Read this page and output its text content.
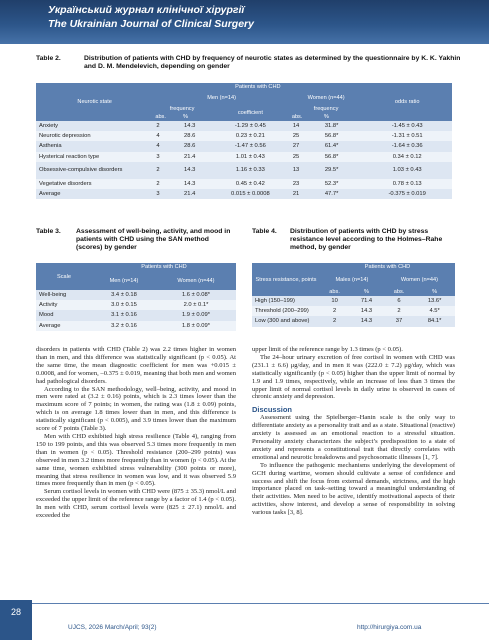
Український журнал клінічної хірургії
The Ukrainian Journal of Clinical Surgery
Table 2.	Distribution of patients with CHD by frequency of neurotic states as determined by the questionnaire by K. K. Yakhin and D. M. Mendelevich, depending on gender
Neurotic state	Patients with CHD					odds ratio
	Men (n=14)			Women (n=44)		
	frequency		coefficient	frequency		
	abs.	%		abs.	%	
Anxiety	2	14.3	-1.29 ± 0.45	14	31.8*	-1.45 ± 0.43
Neurotic depression	4	28.6	0.23 ± 0.21	25	56.8*	-1.31 ± 0.51
Asthenia	4	28.6	-1.47 ± 0.56	27	61.4*	-1.64 ± 0.36
Hysterical reaction type	3	21.4	1.01 ± 0.43	25	56.8*	0.34 ± 0.12
Obsessive-compulsive disorders	2	14.3	1.16 ± 0.33	13	29.5*	1.03 ± 0.43
Vegetative disorders	2	14.3	0.45 ± 0.42	23	52.3*	0.78 ± 0.13
Average	3	21.4	0.015 ± 0.0008	21	47.7*	-0.375 ± 0.019
Table 3. Assessment of well-being, activity, and mood in patients with CHD using the SAN method (scores) by gender
Scale	Patients with CHD	
	Men (n=14)	Women (n=44)
Well-being	3.4 ± 0.18	1.6 ± 0.08*
Activity	3.0 ± 0.15	2.0 ± 0.1*
Mood	3.1 ± 0.16	1.9 ± 0.09*
Average	3.2 ± 0.16	1.8 ± 0.09*
Table 4. Distribution of patients with CHD by stress resistance level according to the Holmes–Rahe method, by gender
Stress resistance, points	Patients with CHD			
	Males (n=14)		Women (n=44)	
	abs.	%	abs.	%
High (150–199)	10	71.4	6	13.6*
Threshold (200–299)	2	14.3	2	4.5*
Low (300 and above)	2	14.3	37	84.1*

disorders in patients with CHD (Table 2) was 2.2 times higher in women than in men, and this difference was statistically significant (p < 0.05). At the same time, the mean diagnostic coefficient for men was +0.015 ± 0.0008, and for women, –0.375 ± 0.019, meaning that both men and women had pathological disorders.

According to the SAN methodology, well–being, activity, and mood in men were rated at (3.2 ± 0.16) points, which is 2.3 times lower than the maximum score of 7 points; in women, the rating was (1.8 ± 0.09) points, which is on average 1.8 times lower than in men, and this difference is statistically significant (p < 0.005), and 3.9 times lower than the maximum score of 7 points (Table 3).

Men with CHD exhibited high stress resilience (Table 4), ranging from 150 to 199 points, and this was observed 5.3 times more frequently in men than in women (p < 0.05). Threshold resistance (200–299 points) was observed in men 3.2 times more frequently than in women (p < 0.05). At the same time, women exhibited stress vulnerability (300 points or more), meaning that stress resilience in women was low, and it was observed 5.9 times more frequently than in men (p < 0.05).

Serum cortisol levels in women with CHD were (875 ± 35.3) nmol/L and exceeded the upper limit of the reference range by a factor of 1.4 (p < 0.05). In men with CHD, serum cortisol levels were (825 ± 27.1) nmol/L and exceeded the

upper limit of the reference range by 1.3 times (p < 0.05).

The 24–hour urinary excretion of free cortisol in women with CHD was (231.1 ± 6.6) μg/day, and in men it was (222.0 ± 7.2) μg/day, which was statistically significantly (p < 0.05) higher than the upper limit of normal by 1.9 and 1.9 times, respectively, while an increase of less than 3 times the upper limit of normal cortisol levels in daily urine is observed in cases of chronic anxiety and depression.

Discussion

Assessment using the Spielberger–Hanin scale is the only way to differentiate anxiety as a personality trait and as a state. Situational (reactive) anxiety is assessed as an emotional reaction to a stressful situation. Personality anxiety characterizes the subject’s predisposition to a state of anxiety and represents a constitutional trait that directly correlates with emotional and neurotic breakdowns and psychosomatic illnesses [1, 7].

To influence the pathogenic mechanisms underlying the development of GCH during wartime, women should cultivate a sense of confidence and success and shift the focus from external demands, strictness, and the high importance placed on task–setting toward a meaningful understanding of their activities. Men need to be active, identify motivational aspects of their activities, show interest, and develop a sense of responsibility in solving various tasks [3, 8].

28
UJCS, 2026 March/April; 93(2)	http://hirurgiya.com.ua
